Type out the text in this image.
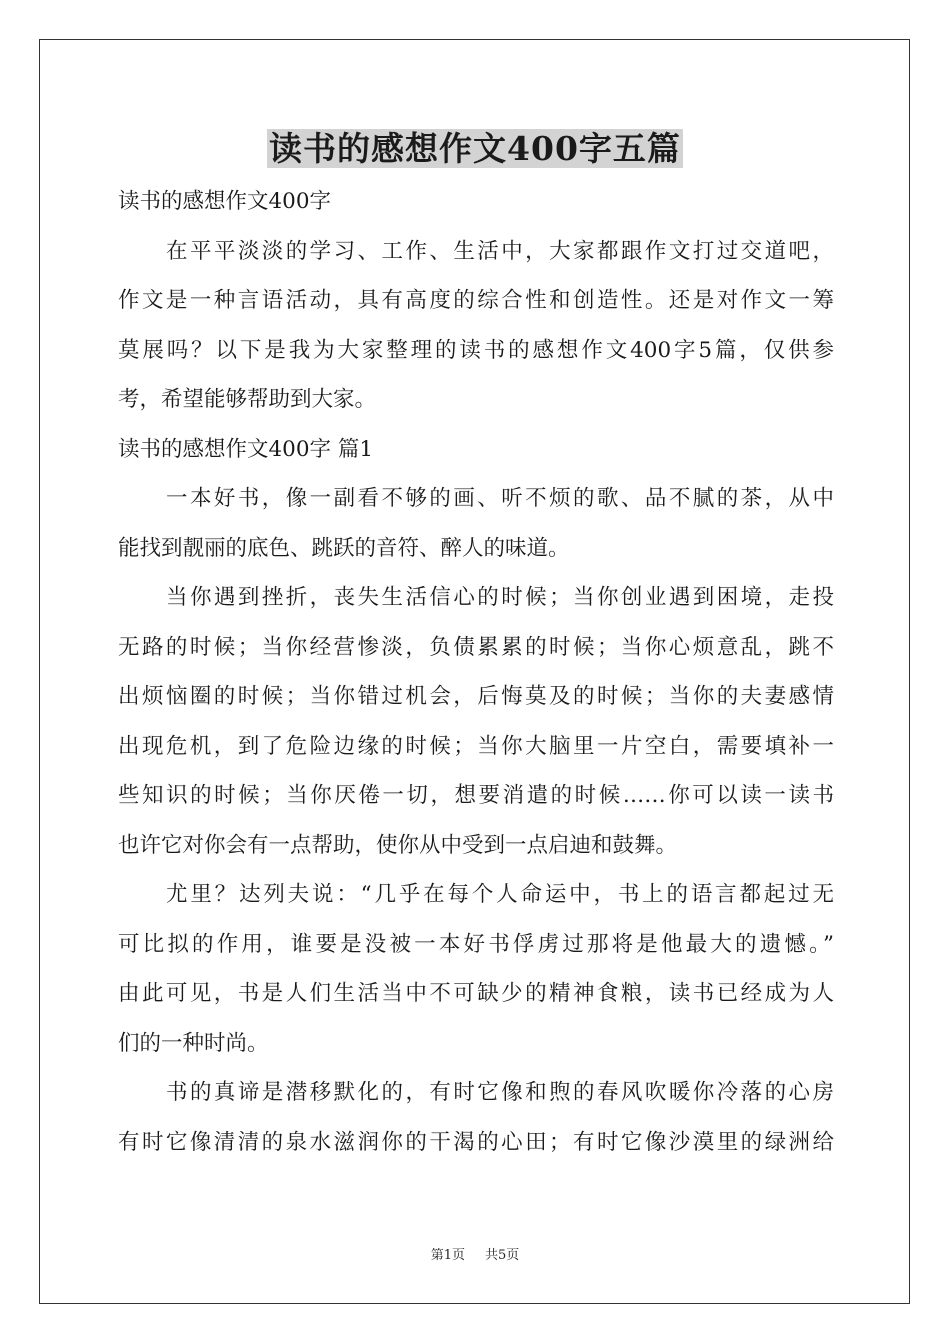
读书的感想作文400字五篇
读书的感想作文400字
在平平淡淡的学习、工作、生活中，大家都跟作文打过交道吧，
作文是一种言语活动，具有高度的综合性和创造性。还是对作文一筹
莫展吗？以下是我为大家整理的读书的感想作文400字5篇，仅供参
考，希望能够帮助到大家。
读书的感想作文400字 篇1
一本好书，像一副看不够的画、听不烦的歌、品不腻的茶，从中
能找到靓丽的底色、跳跃的音符、醉人的味道。
当你遇到挫折，丧失生活信心的时候；当你创业遇到困境，走投
无路的时候；当你经营惨淡，负债累累的时候；当你心烦意乱，跳不
出烦恼圈的时候；当你错过机会，后悔莫及的时候；当你的夫妻感情
出现危机，到了危险边缘的时候；当你大脑里一片空白，需要填补一
些知识的时候；当你厌倦一切，想要消遣的时候……你可以读一读书
也许它对你会有一点帮助，使你从中受到一点启迪和鼓舞。
尤里？达列夫说：“几乎在每个人命运中，书上的语言都起过无
可比拟的作用，谁要是没被一本好书俘虏过那将是他最大的遗憾。”
由此可见，书是人们生活当中不可缺少的精神食粮，读书已经成为人
们的一种时尚。
书的真谛是潜移默化的，有时它像和煦的春风吹暖你冷落的心房
有时它像清清的泉水滋润你的干渴的心田；有时它像沙漠里的绿洲给
第1页 共5页
